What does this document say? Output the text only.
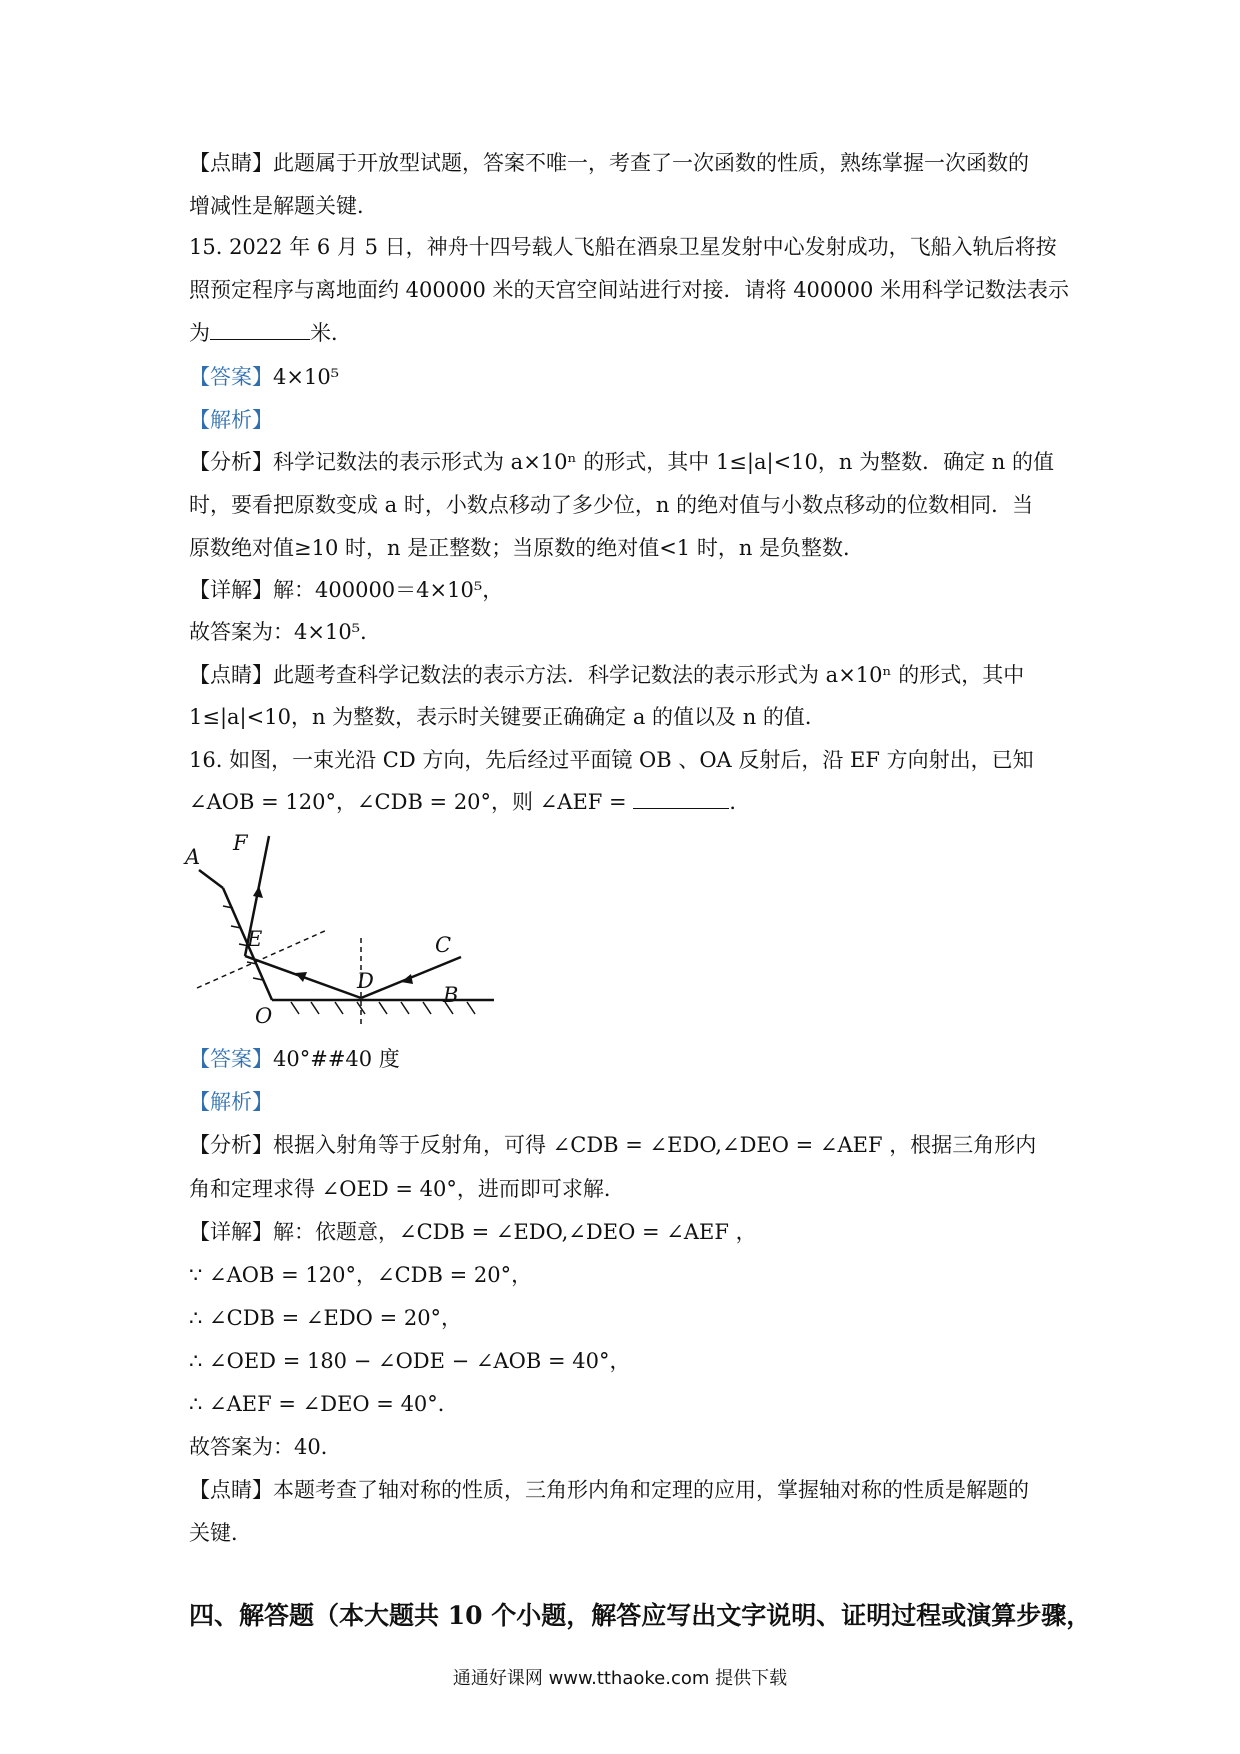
【点睛】此题属于开放型试题，答案不唯一，考查了一次函数的性质，熟练掌握一次函数的
增减性是解题关键．
15. 2022 年 6 月 5 日，神舟十四号载人飞船在酒泉卫星发射中心发射成功，飞船入轨后将按
照预定程序与离地面约 400000 米的天宫空间站进行对接．请将 400000 米用科学记数法表示
为	米．
【答案】4×10⁵
【解析】
【分析】科学记数法的表示形式为 a×10ⁿ 的形式，其中 1≤|a|<10，n 为整数．确定 n 的值
时，要看把原数变成 a 时，小数点移动了多少位，n 的绝对值与小数点移动的位数相同．当
原数绝对值≥10 时，n 是正整数；当原数的绝对值<1 时，n 是负整数．
【详解】解：400000＝4×10⁵，
故答案为：4×10⁵．
【点睛】此题考查科学记数法的表示方法．科学记数法的表示形式为 a×10ⁿ 的形式，其中
1≤|a|<10，n 为整数，表示时关键要正确确定 a 的值以及 n 的值．
16. 如图，一束光沿 CD 方向，先后经过平面镜 OB 、OA 反射后，沿 EF 方向射出，已知
∠AOB = 120°，∠CDB = 20°，则 ∠AEF =	．
A
F
E	C
D
O
B
【答案】40°##40 度
【解析】
【分析】根据入射角等于反射角，可得 ∠CDB = ∠EDO,∠DEO = ∠AEF ，根据三角形内
角和定理求得 ∠OED = 40°，进而即可求解．
【详解】解：依题意，∠CDB = ∠EDO,∠DEO = ∠AEF ，
∵ ∠AOB = 120°，∠CDB = 20°，
∴ ∠CDB = ∠EDO = 20°，
∴ ∠OED = 180 − ∠ODE − ∠AOB = 40°，
∴ ∠AEF = ∠DEO = 40°．
故答案为：40．
【点睛】本题考查了轴对称的性质，三角形内角和定理的应用，掌握轴对称的性质是解题的
关键．
四、解答题（本大题共 10 个小题，解答应写出文字说明、证明过程或演算步骤，
通通好课网 www.tthaoke.com 提供下载
